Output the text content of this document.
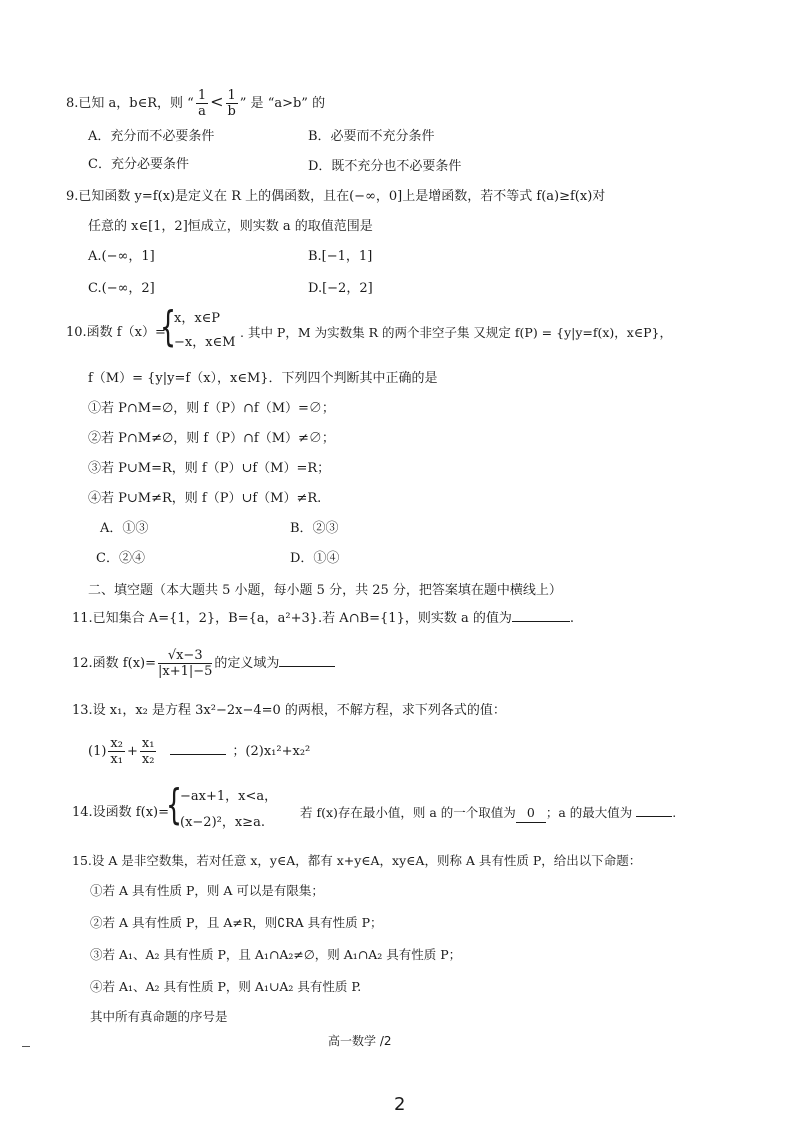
8.已知 a，b∈R，则 “ $\frac{1}{a} < \frac{1}{b}$ ” 是 “a>b” 的
A．充分而不必要条件	B．必要而不充分条件
C．充分必要条件	D．既不充分也不必要条件
9.已知函数 y=f(x)是定义在 R 上的偶函数，且在(−∞，0]上是增函数，若不等式 f(a)≥f(x)对
任意的 x∈[1，2]恒成立，则实数 a 的取值范围是
A.(−∞，1]	B.[−1，1]
C.(−∞，2]	D.[−2，2]
10.函数 f（x）=
{
x，x∈P
−x，x∈M
. 其中 P，M 为实数集 R 的两个非空子集 又规定 f(P) = {y|y=f(x)，x∈P}，
f（M）= {y|y=f（x），x∈M}．下列四个判断其中正确的是
①若 P∩M=∅，则 f（P）∩f（M）=∅；
②若 P∩M≠∅，则 f（P）∩f（M）≠∅；
③若 P∪M=R，则 f（P）∪f（M）=R；
④若 P∪M≠R，则 f（P）∪f（M）≠R.
A．①③	B．②③
C．②④	D．①④
二、填空题（本大题共 5 小题，每小题 5 分，共 25 分，把答案填在题中横线上）
11.已知集合 A={1，2}，B={a，a²+3}.若 A∩B={1}，则实数 a 的值为	.
12.函数 $f(x)= \frac{√x-3}{|x+1|-5}$ 的定义域为
13.设 x₁，x₂ 是方程 3x²−2x−4=0 的两根，不解方程，求下列各式的值：
$(1) \frac{\text{x₂}}{\text{x₁}} + \frac{\text{x₁}}{\text{x₂}}$	；(2)x₁²+x₂²
14.设函数 f(x)=
{
−ax+1，x<a，
(x−2)²，x≥a.
若 f(x)存在最小值，则 a 的一个取值为 0 ；a 的最大值为	.
15.设 A 是非空数集，若对任意 x，y∈A，都有 x+y∈A，xy∈A，则称 A 具有性质 P，给出以下命题：
①若 A 具有性质 P，则 A 可以是有限集；
②若 A 具有性质 P，且 A≠R，则∁RA 具有性质 P；
③若 A₁、A₂ 具有性质 P，且 A₁∩A₂≠∅，则 A₁∩A₂ 具有性质 P；
④若 A₁、A₂ 具有性质 P，则 A₁∪A₂ 具有性质 P.
其中所有真命题的序号是
高一数学 /2
2
